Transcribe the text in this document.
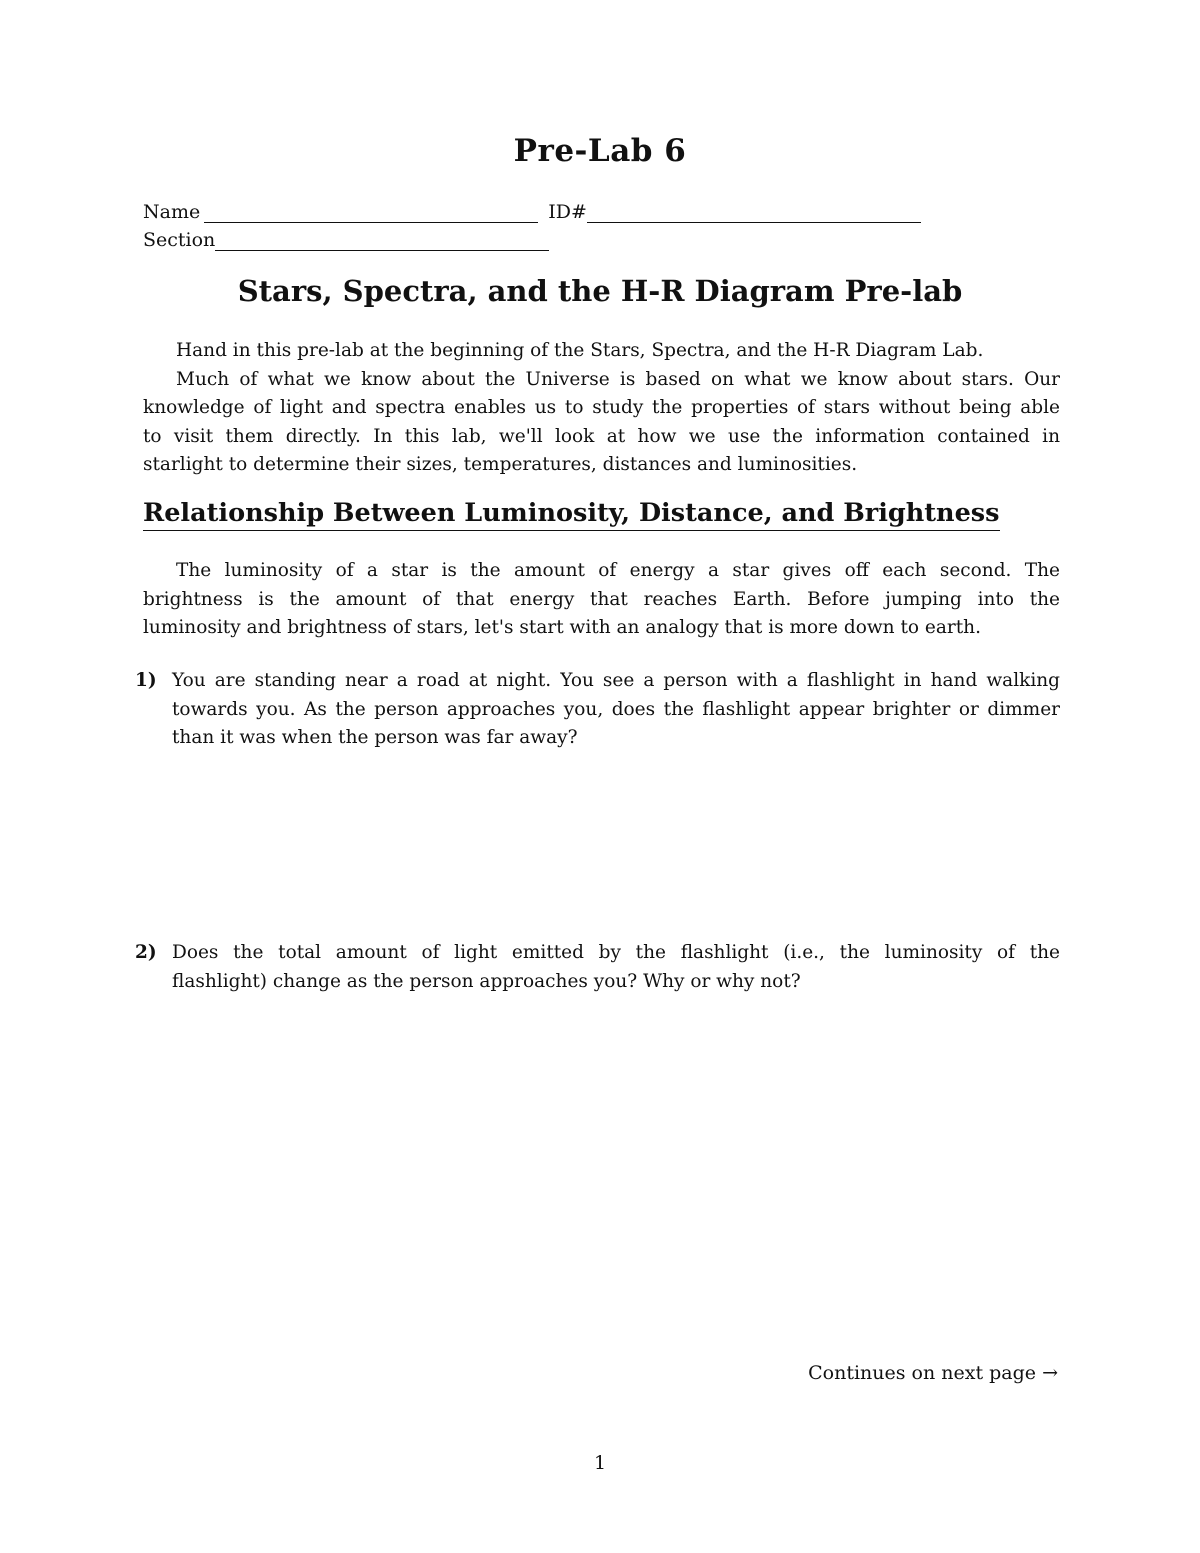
Pre-Lab 6
Name	ID#
Section
Stars, Spectra, and the H-R Diagram Pre-lab
Hand in this pre-lab at the beginning of the Stars, Spectra, and the H-R Diagram Lab.
Much of what we know about the Universe is based on what we know about stars. Our
knowledge of light and spectra enables us to study the properties of stars without being able
to visit them directly. In this lab, we'll look at how we use the information contained in
starlight to determine their sizes, temperatures, distances and luminosities.
Relationship Between Luminosity, Distance, and Brightness
The luminosity of a star is the amount of energy a star gives off each second. The
brightness is the amount of that energy that reaches Earth. Before jumping into the
luminosity and brightness of stars, let's start with an analogy that is more down to earth.
1) You are standing near a road at night. You see a person with a flashlight in hand walking
towards you. As the person approaches you, does the flashlight appear brighter or dimmer
than it was when the person was far away?
2) Does the total amount of light emitted by the flashlight (i.e., the luminosity of the
flashlight) change as the person approaches you? Why or why not?
Continues on next page →
1
